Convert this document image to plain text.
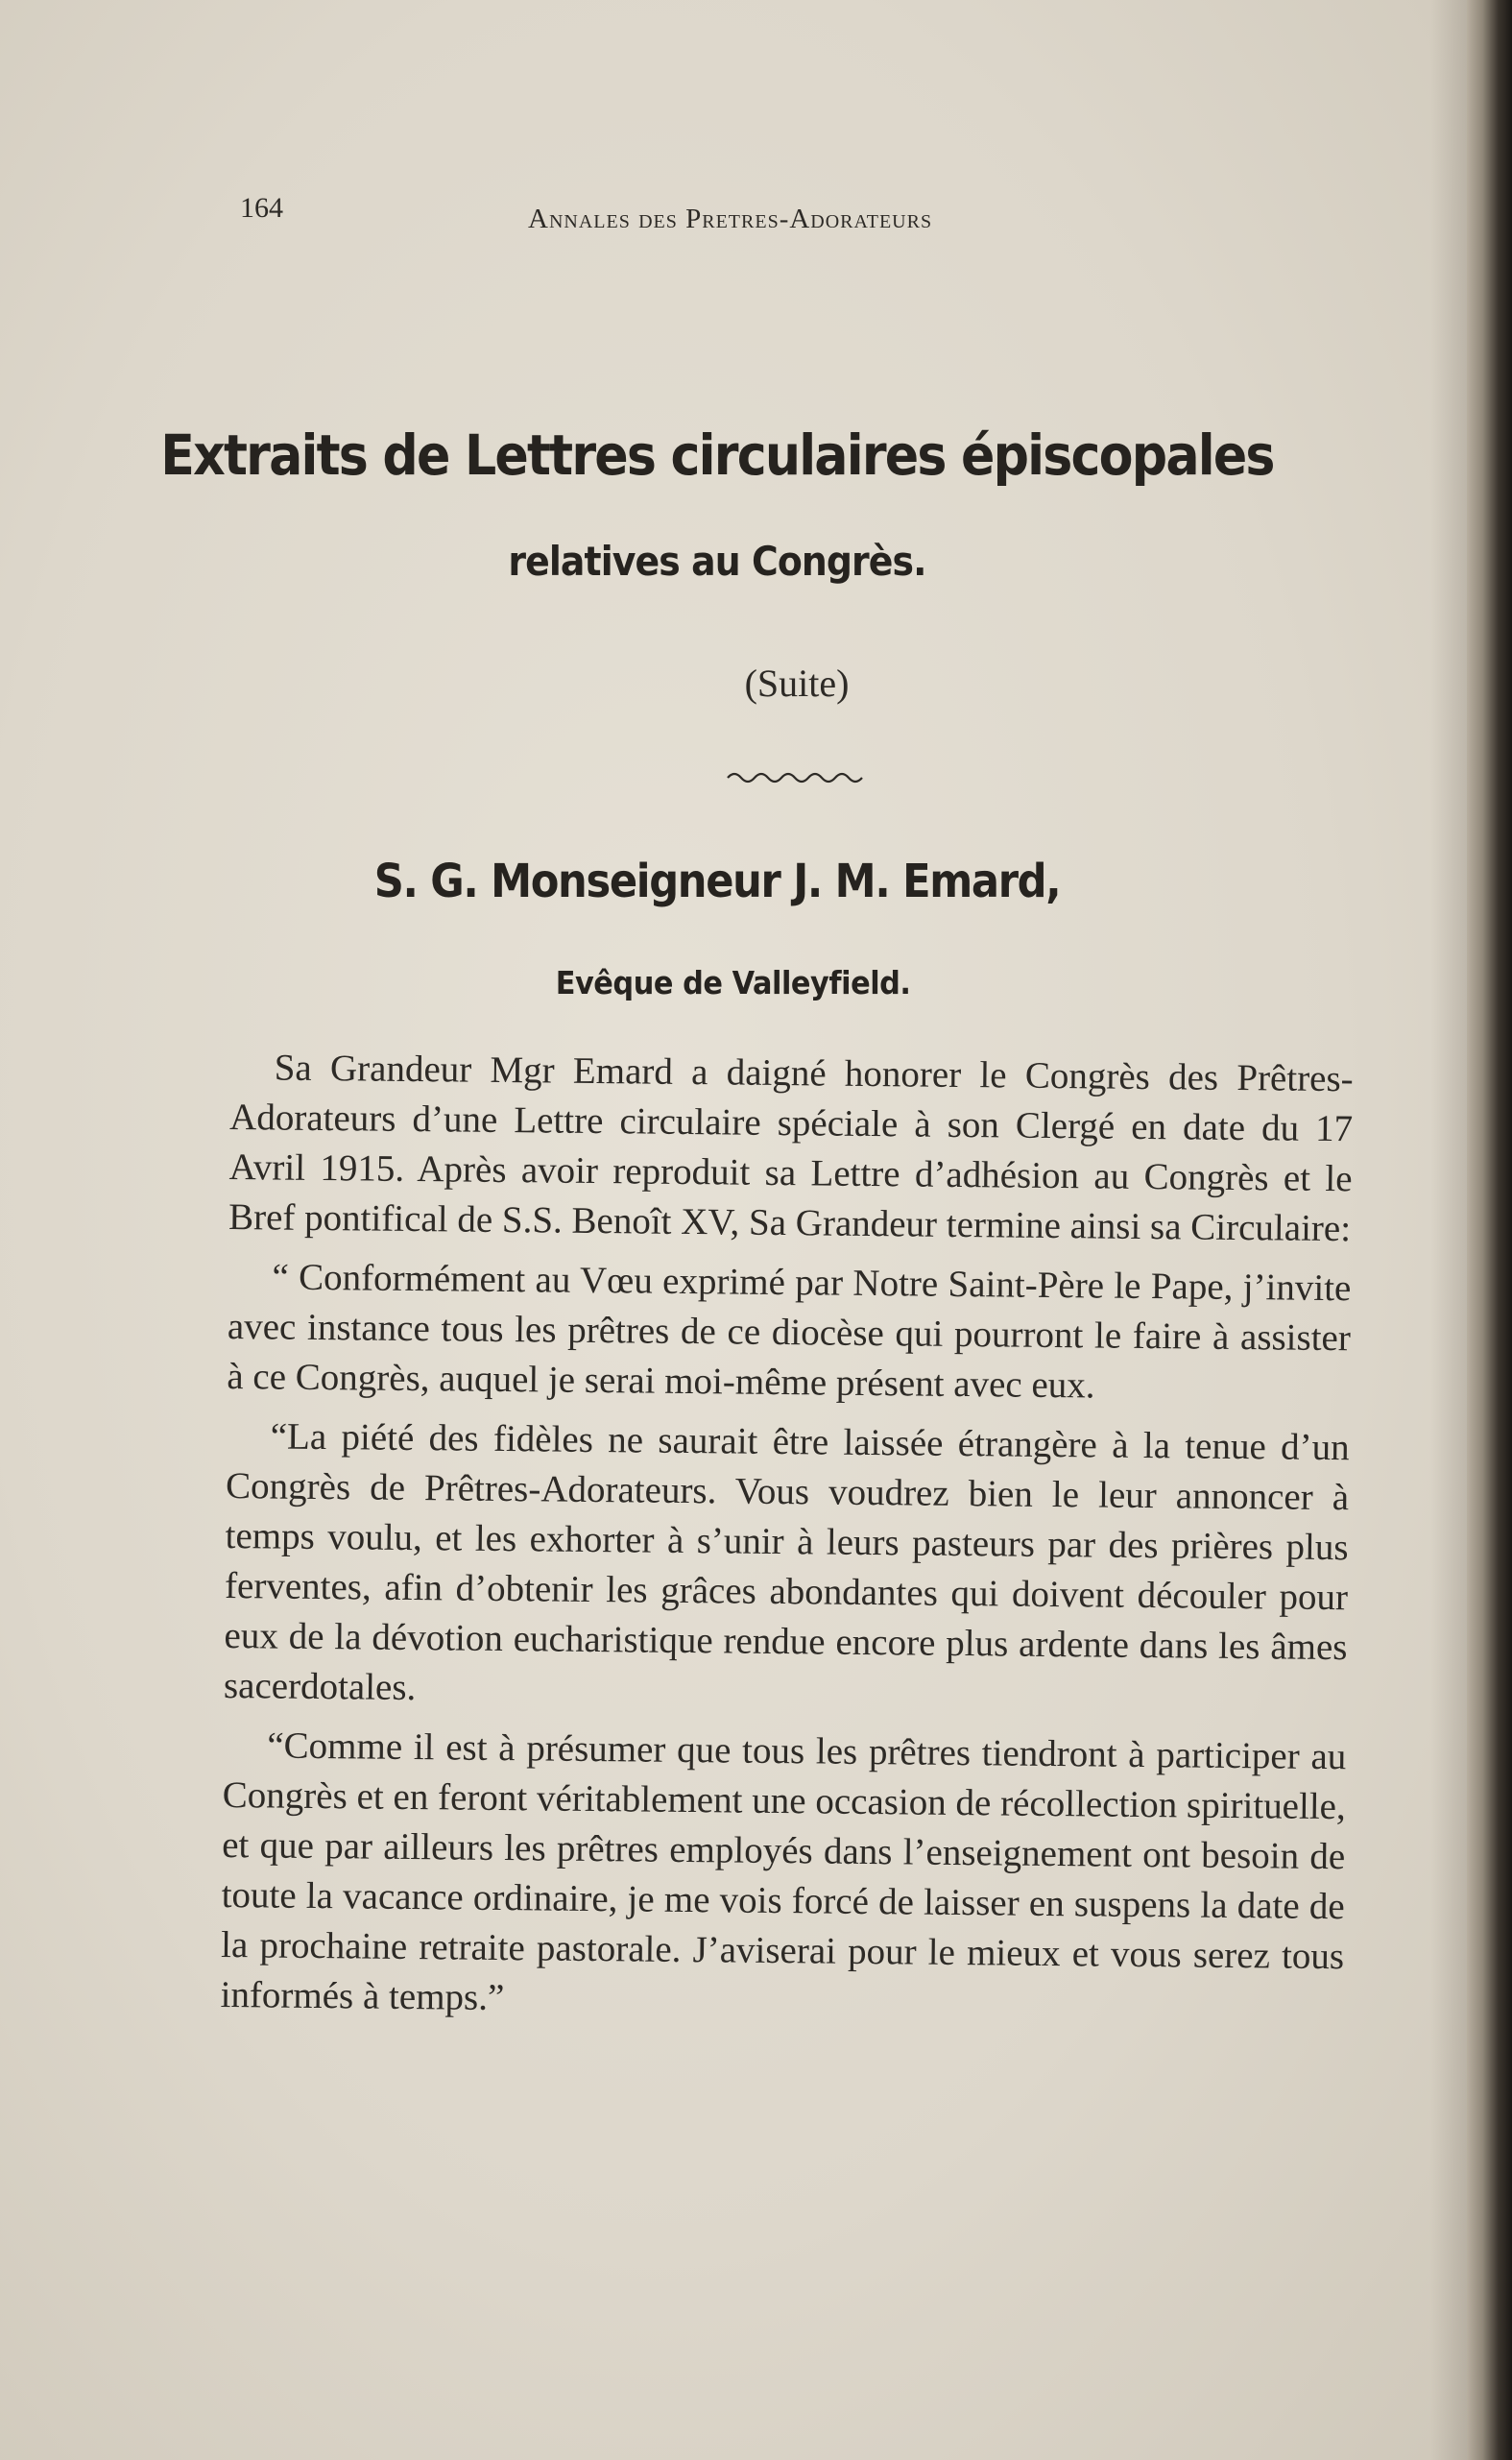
164	Annales des Pretres-Adorateurs
Extraits de Lettres circulaires épiscopales
relatives au Congrès.
(Suite)
S. G. Monseigneur J. M. Emard,
Evêque de Valleyfield.

Sa Grandeur Mgr Emard a daigné honorer le Congrès des Prêtres-Adorateurs d’une Lettre circulaire spéciale à son Clergé en date du 17 Avril 1915. Après avoir reproduit sa Lettre d’adhésion au Congrès et le Bref pontifical de S.S. Benoît XV, Sa Grandeur termine ainsi sa Circulaire:

“ Conformément au Vœu exprimé par Notre Saint-Père le Pape, j’invite avec instance tous les prêtres de ce diocèse qui pourront le faire à assister à ce Congrès, auquel je serai moi-même présent avec eux.

“La piété des fidèles ne saurait être laissée étrangère à la tenue d’un Congrès de Prêtres-Adorateurs. Vous voudrez bien le leur annoncer à temps voulu, et les exhorter à s’unir à leurs pasteurs par des prières plus ferventes, afin d’obtenir les grâces abondantes qui doivent découler pour eux de la dévotion eucharistique rendue encore plus ardente dans les âmes sacerdotales.

“Comme il est à présumer que tous les prêtres tiendront à participer au Congrès et en feront véritablement une occasion de récollection spirituelle, et que par ailleurs les prêtres employés dans l’enseignement ont besoin de toute la vacance ordinaire, je me vois forcé de laisser en suspens la date de la prochaine retraite pastorale. J’aviserai pour le mieux et vous serez tous informés à temps.”
